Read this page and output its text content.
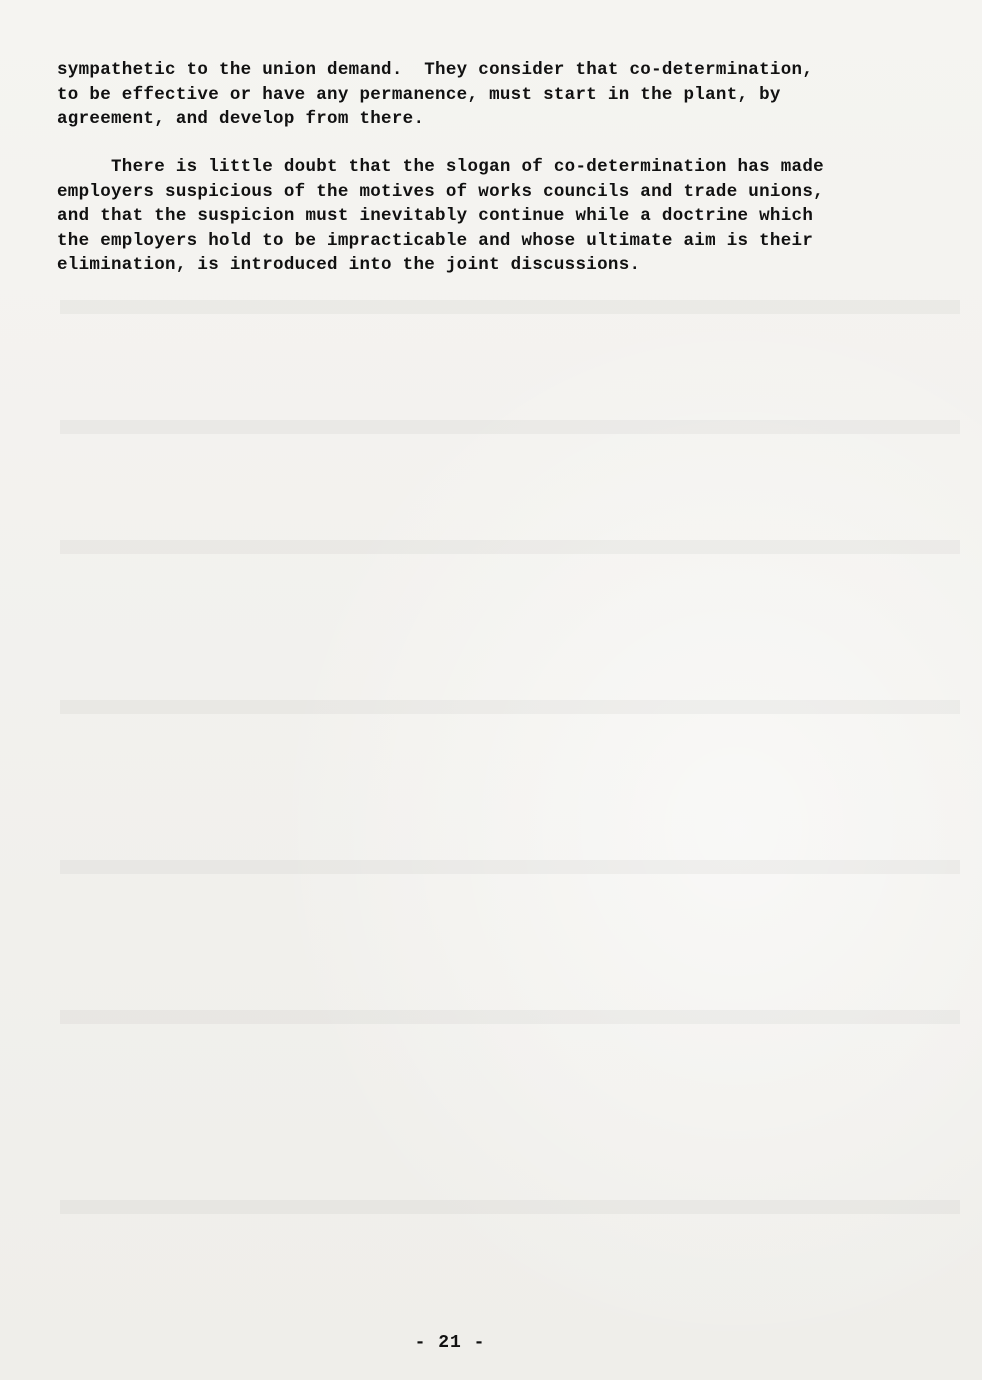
sympathetic to the union demand.  They consider that co-determination,
to be effective or have any permanence, must start in the plant, by
agreement, and develop from there.
There is little doubt that the slogan of co-determination has made
employers suspicious of the motives of works councils and trade unions,
and that the suspicion must inevitably continue while a doctrine which
the employers hold to be impracticable and whose ultimate aim is their
elimination, is introduced into the joint discussions.
- 21 -
